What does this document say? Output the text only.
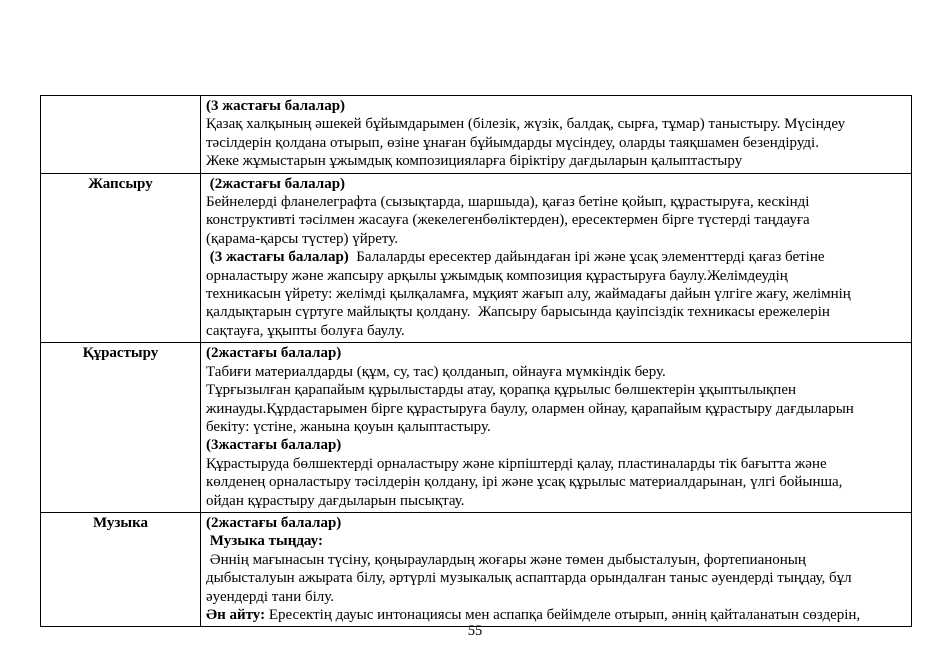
	(3 жастағы балалар)
Қазақ халқының әшекей бұйымдарымен (білезік, жүзік, балдақ, сырға, тұмар) таныстыру. Мүсіндеу
тәсілдерін қолдана отырып, өзіне ұнаған бұйымдарды мүсіндеу, оларды таяқшамен безендіруді.
Жеке жұмыстарын ұжымдық композицияларға біріктіру дағдыларын қалыптастыру

Жапсыру	(2жастағы балалар)
Бейнелерді фланелеграфта (сызықтарда, шаршыда), қағаз бетіне қойып, құрастыруға, кескінді
конструктивті тәсілмен жасауға (жекелегенбөліктерден), ересектермен бірге түстерді таңдауға
(қарама-қарсы түстер) үйрету.
(3 жастағы балалар)  Балаларды ересектер дайындаған ірі және ұсақ элементтерді қағаз бетіне
орналастыру және жапсыру арқылы ұжымдық композиция құрастыруға баулу.Желімдеудің
техникасын үйрету: желімді қылқаламға, мұқият жағып алу, жаймадағы дайын үлгіге жағу, желімнің
қалдықтарын сүртуге майлықты қолдану.  Жапсыру барысында қауіпсіздік техникасы ережелерін
сақтауға, ұқыпты болуға баулу.

Құрастыру	(2жастағы балалар)
Табиғи материалдарды (құм, су, тас) қолданып, ойнауға мүмкіндік беру.
Тұрғызылған қарапайым құрылыстарды атау, қорапқа құрылыс бөлшектерін ұқыптылықпен
жинауды.Құрдастарымен бірге құрастыруға баулу, олармен ойнау, қарапайым құрастыру дағдыларын
бекіту: үстіне, жанына қоуын қалыптастыру.
(3жастағы балалар)
Құрастыруда бөлшектерді орналастыру және кірпіштерді қалау, пластиналарды тік бағытта және
көлденең орналастыру тәсілдерін қолдану, ірі және ұсақ құрылыс материалдарынан, үлгі бойынша,
ойдан құрастыру дағдыларын пысықтау.

Музыка	(2жастағы балалар)
Музыка тыңдау:
Әннің мағынасын түсіну, қоңыраулардың жоғары және төмен дыбысталуын, фортепианоның
дыбысталуын ажырата білу, әртүрлі музыкалық аспаптарда орындалған таныс әуендерді тыңдау, бұл
әуендерді тани білу.
Ән айту: Ересектің дауыс интонациясы мен аспапқа бейімделе отырып, әннің қайталанатын сөздерін,
55
